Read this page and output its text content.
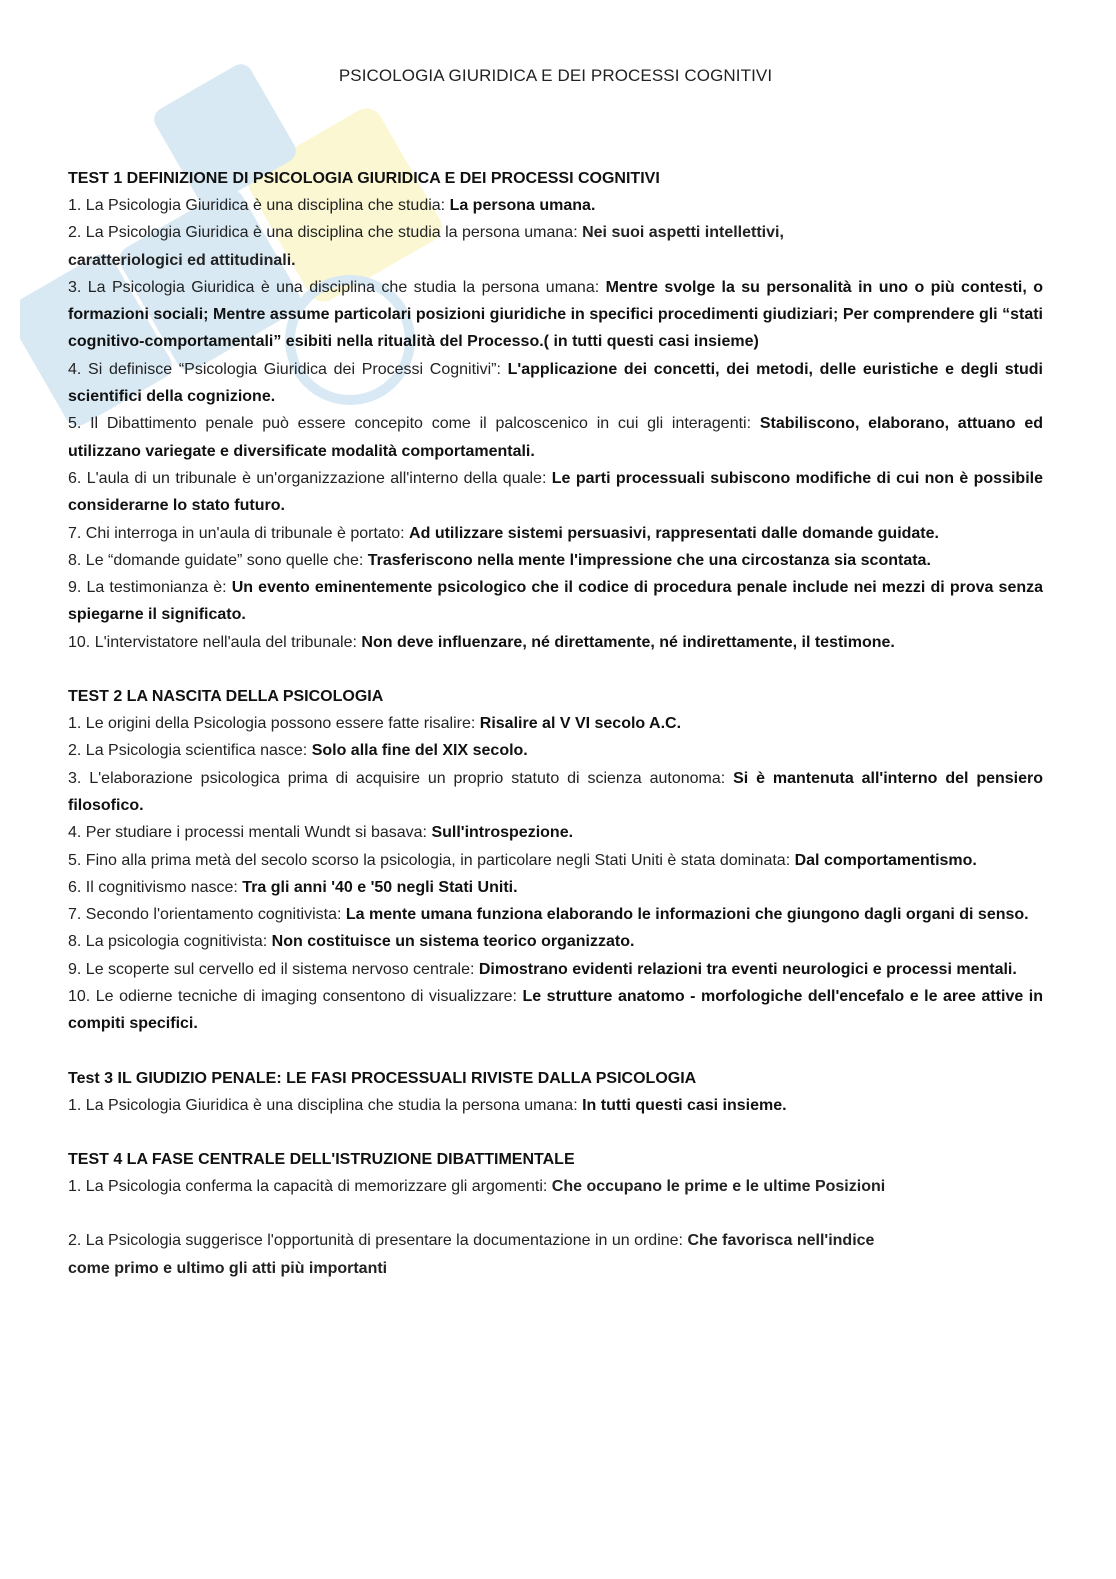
PSICOLOGIA GIURIDICA E DEI PROCESSI COGNITIVI
TEST 1 DEFINIZIONE DI PSICOLOGIA GIURIDICA E DEI PROCESSI COGNITIVI
1. La Psicologia Giuridica è una disciplina che studia: La persona umana.
2. La Psicologia Giuridica è una disciplina che studia la persona umana: Nei suoi aspetti intellettivi, caratteriologici ed attitudinali.
3. La Psicologia Giuridica è una disciplina che studia la persona umana: Mentre svolge la su personalità in uno o più contesti, o formazioni sociali; Mentre assume particolari posizioni giuridiche in specifici procedimenti giudiziari; Per comprendere gli “stati cognitivo-comportamentali” esibiti nella ritualità del Processo.( in tutti questi casi insieme)
4. Si definisce “Psicologia Giuridica dei Processi Cognitivi”: L'applicazione dei concetti, dei metodi, delle euristiche e degli studi scientifici della cognizione.
5. Il Dibattimento penale può essere concepito come il palcoscenico in cui gli interagenti: Stabiliscono, elaborano, attuano ed utilizzano variegate e diversificate modalità comportamentali.
6. L'aula di un tribunale è un'organizzazione all'interno della quale: Le parti processuali subiscono modifiche di cui non è possibile considerarne lo stato futuro.
7. Chi interroga in un'aula di tribunale è portato: Ad utilizzare sistemi persuasivi, rappresentati dalle domande guidate.
8. Le “domande guidate” sono quelle che: Trasferiscono nella mente l'impressione che una circostanza sia scontata.
9. La testimonianza è: Un evento eminentemente psicologico che il codice di procedura penale include nei mezzi di prova senza spiegarne il significato.
10. L'intervistatore nell'aula del tribunale: Non deve influenzare, né direttamente, né indirettamente, il testimone.
TEST 2 LA NASCITA DELLA PSICOLOGIA
1. Le origini della Psicologia possono essere fatte risalire: Risalire al V VI secolo A.C.
2. La Psicologia scientifica nasce: Solo alla fine del XIX secolo.
3. L'elaborazione psicologica prima di acquisire un proprio statuto di scienza autonoma: Si è mantenuta all'interno del pensiero filosofico.
4. Per studiare i processi mentali Wundt si basava: Sull'introspezione.
5. Fino alla prima metà del secolo scorso la psicologia, in particolare negli Stati Uniti è stata dominata: Dal comportamentismo.
6. Il cognitivismo nasce: Tra gli anni '40 e '50 negli Stati Uniti.
7. Secondo l'orientamento cognitivista: La mente umana funziona elaborando le informazioni che giungono dagli organi di senso.
8. La psicologia cognitivista: Non costituisce un sistema teorico organizzato.
9. Le scoperte sul cervello ed il sistema nervoso centrale: Dimostrano evidenti relazioni tra eventi neurologici e processi mentali.
10. Le odierne tecniche di imaging consentono di visualizzare: Le strutture anatomo - morfologiche dell'encefalo e le aree attive in compiti specifici.
Test 3 IL GIUDIZIO PENALE: LE FASI PROCESSUALI RIVISTE DALLA PSICOLOGIA
1. La Psicologia Giuridica è una disciplina che studia la persona umana: In tutti questi casi insieme.
TEST 4 LA FASE CENTRALE DELL'ISTRUZIONE DIBATTIMENTALE
1. La Psicologia conferma la capacità di memorizzare gli argomenti: Che occupano le prime e le ultime Posizioni
2. La Psicologia suggerisce l'opportunità di presentare la documentazione in un ordine: Che favorisca nell'indice come primo e ultimo gli atti più importanti
